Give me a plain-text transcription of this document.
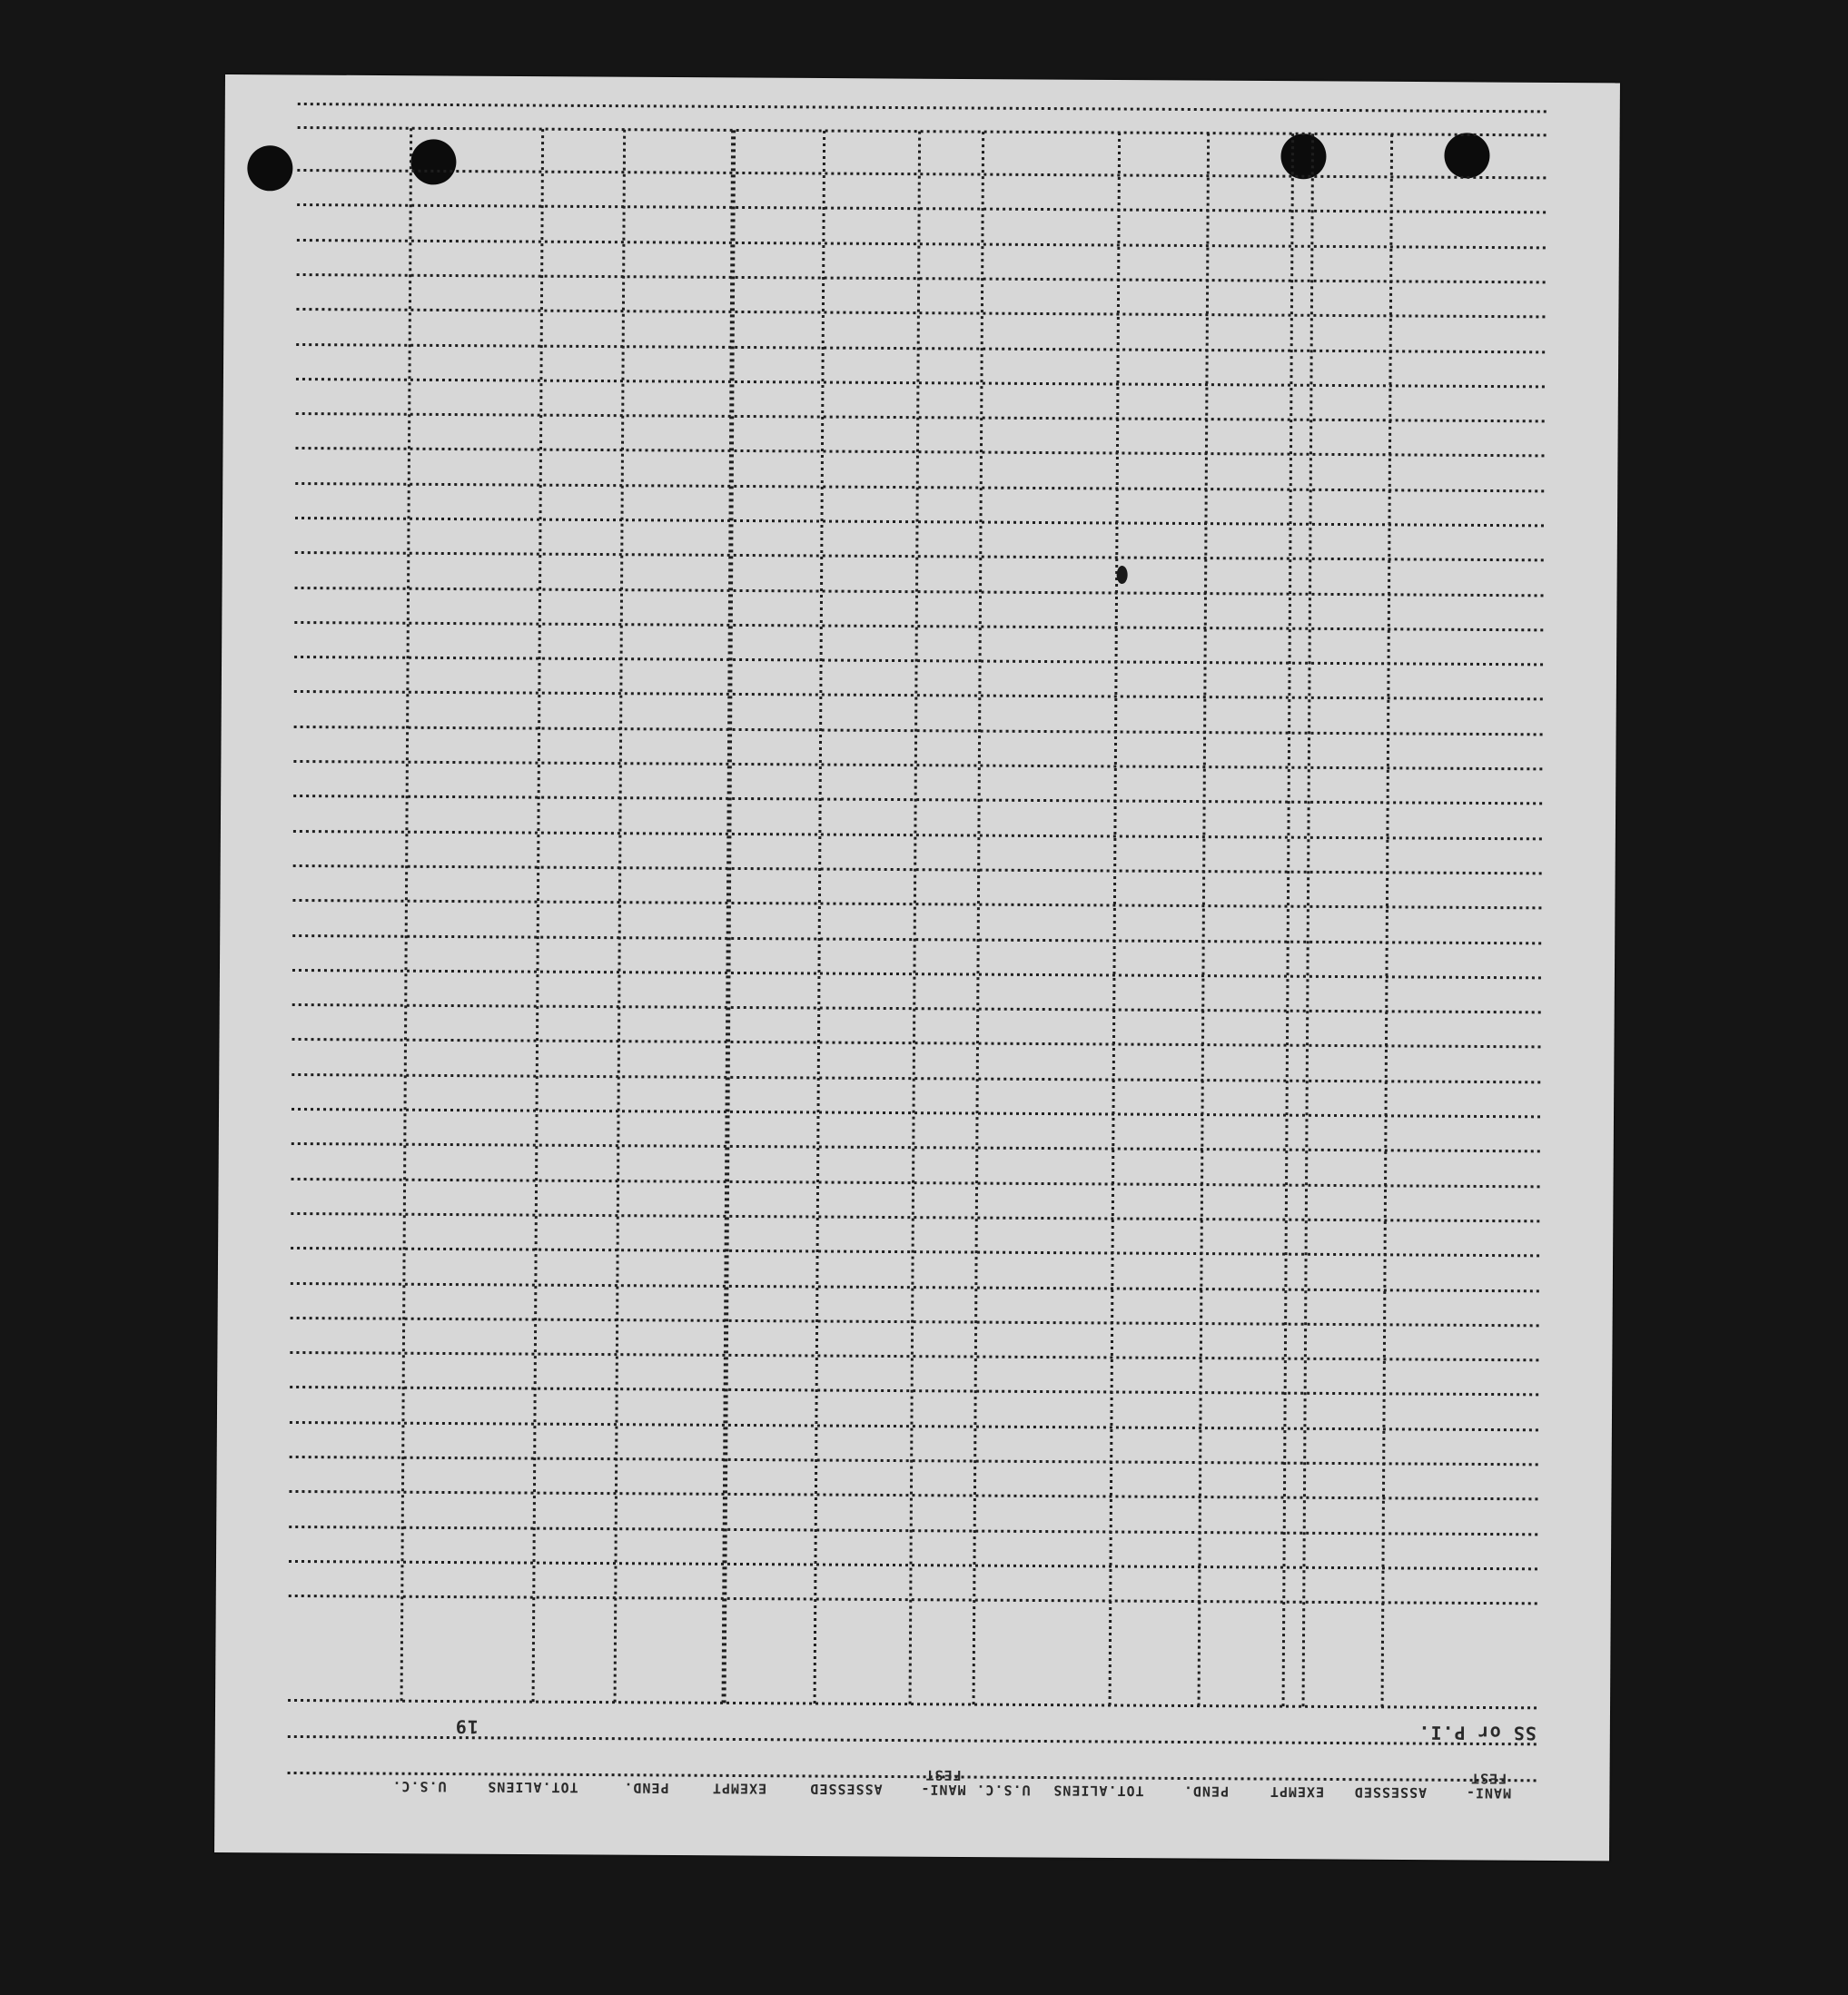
MANI-
FEST
ASSESSED
EXEMPT
PEND.
TOT.ALIENS
U.S.C.
MANI-
FEST
ASSESSED
EXEMPT
PEND.
TOT.ALIENS
U.S.C.
SS or P.I.
19
